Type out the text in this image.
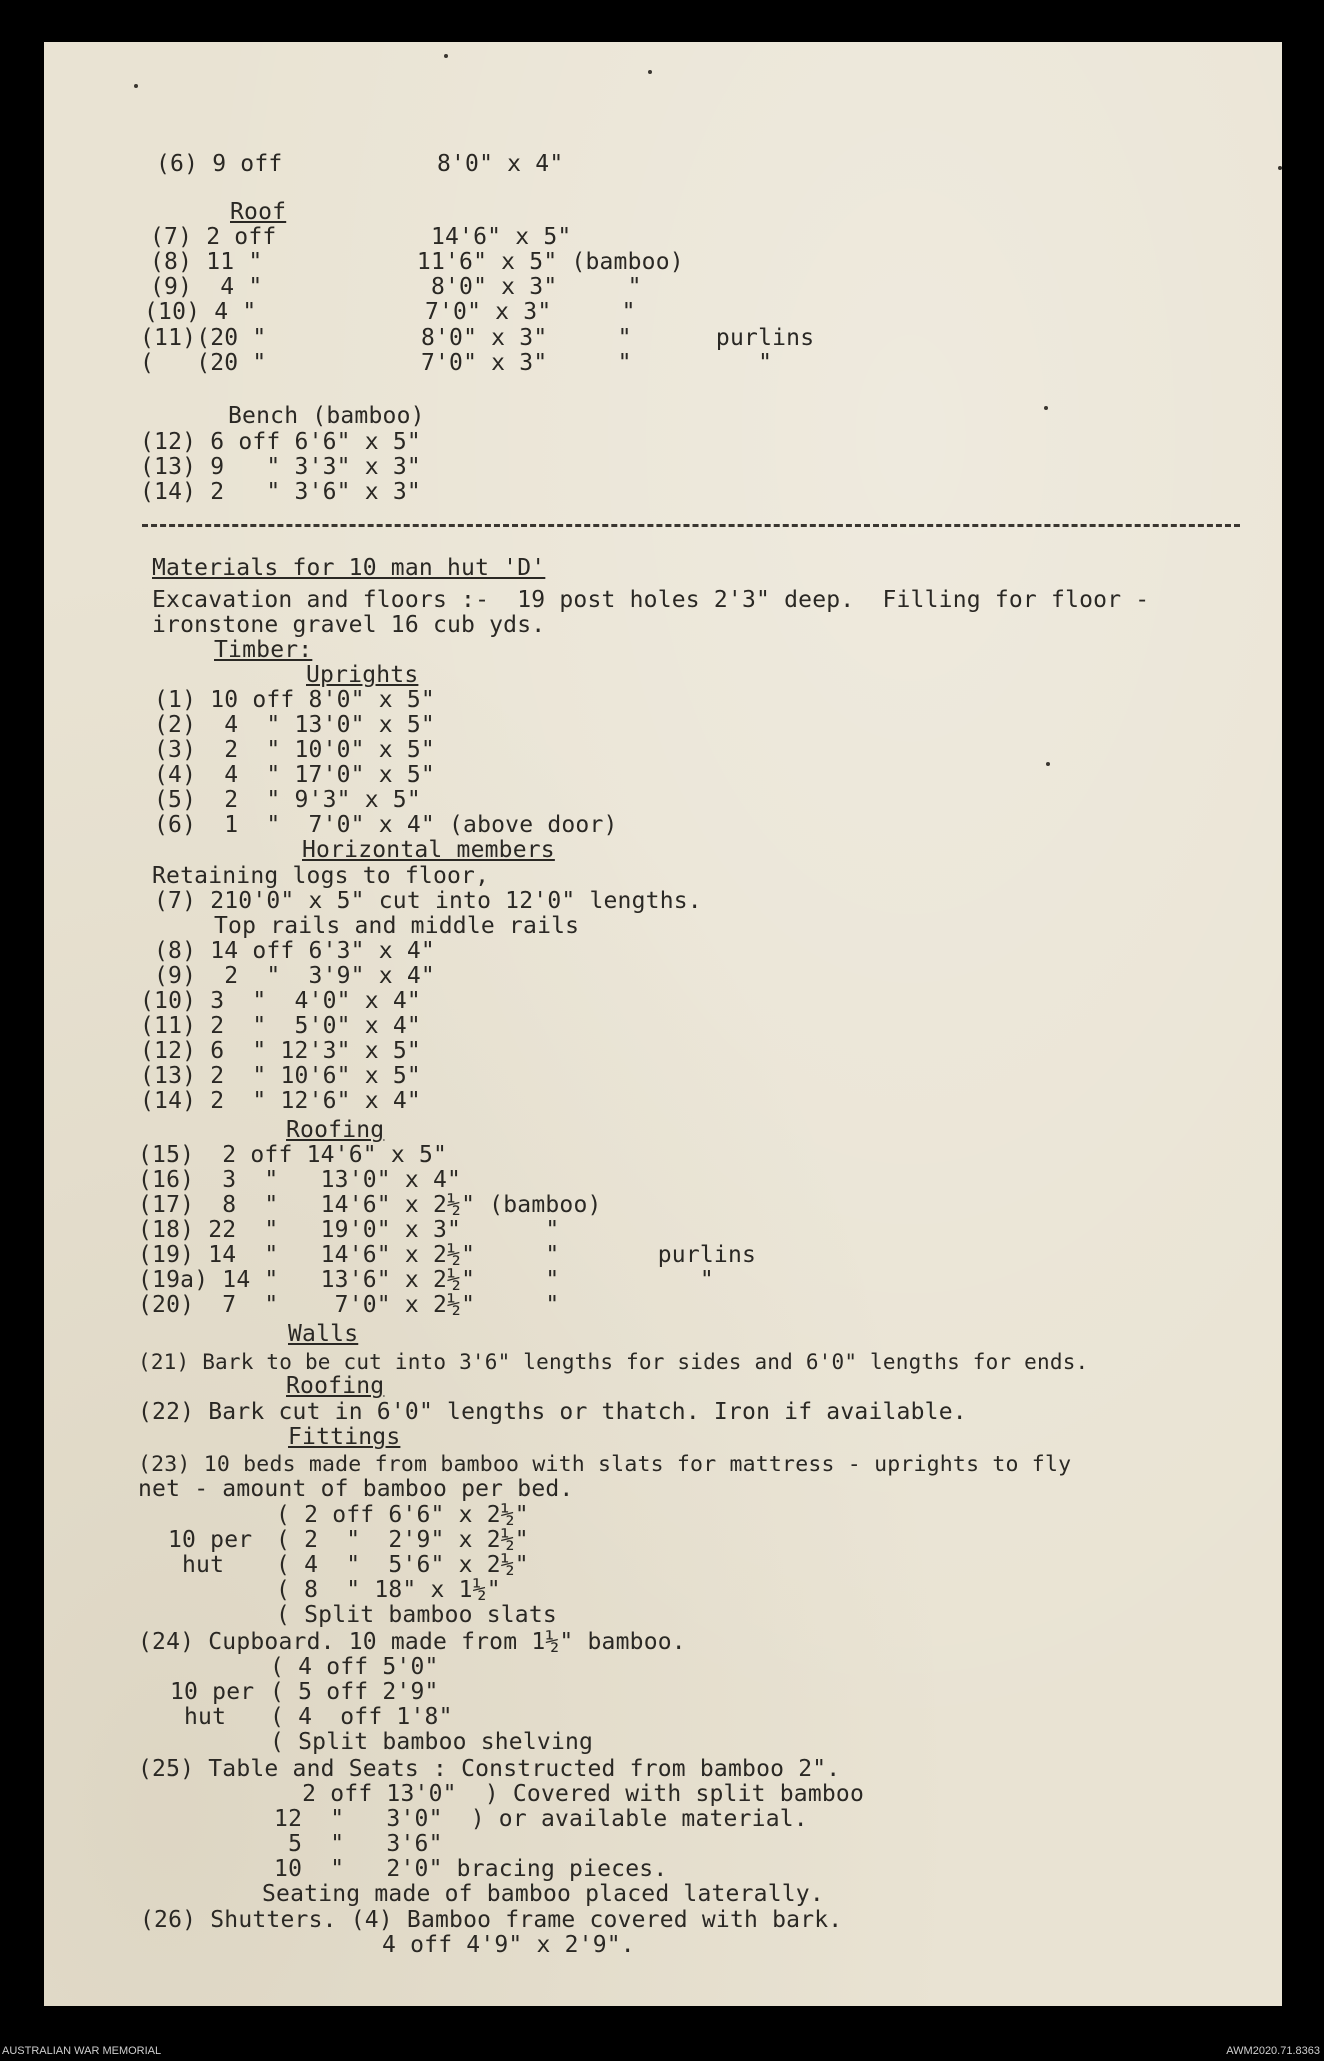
(6) 9 off           8'0" x 4"
Roof
(7) 2 off           14'6" x 5"
(8) 11 "           11'6" x 5" (bamboo)
(9)  4 "            8'0" x 3"     "
(10) 4 "            7'0" x 3"     "
(11)(20 "           8'0" x 3"     "      purlins
(   (20 "           7'0" x 3"     "         "
Bench (bamboo)
(12) 6 off 6'6" x 5"
(13) 9   " 3'3" x 3"
(14) 2   " 3'6" x 3"
Materials for 10 man hut 'D'
Excavation and floors :-  19 post holes 2'3" deep.  Filling for floor -
ironstone gravel 16 cub yds.
Timber:
Uprights
(1) 10 off 8'0" x 5"
(2)  4  " 13'0" x 5"
(3)  2  " 10'0" x 5"
(4)  4  " 17'0" x 5"
(5)  2  " 9'3" x 5"
(6)  1  "  7'0" x 4" (above door)
Horizontal members
Retaining logs to floor,
(7) 210'0" x 5" cut into 12'0" lengths.
Top rails and middle rails
(8) 14 off 6'3" x 4"
(9)  2  "  3'9" x 4"
(10) 3  "  4'0" x 4"
(11) 2  "  5'0" x 4"
(12) 6  " 12'3" x 5"
(13) 2  " 10'6" x 5"
(14) 2  " 12'6" x 4"
Roofing
(15)  2 off 14'6" x 5"
(16)  3  "   13'0" x 4"
(17)  8  "   14'6" x 2½" (bamboo)
(18) 22  "   19'0" x 3"      "
(19) 14  "   14'6" x 2½"     "       purlins
(19a) 14 "   13'6" x 2½"     "          "
(20)  7  "    7'0" x 2½"     "
Walls
(21) Bark to be cut into 3'6" lengths for sides and 6'0" lengths for ends.
Roofing
(22) Bark cut in 6'0" lengths or thatch. Iron if available.
Fittings
(23) 10 beds made from bamboo with slats for mattress - uprights to fly
net - amount of bamboo per bed.
10 per
hut
( 2 off 6'6" x 2½"
( 2  "  2'9" x 2½"
( 4  "  5'6" x 2½"
( 8  " 18" x 1½"
( Split bamboo slats
(24) Cupboard. 10 made from 1½" bamboo.
10 per
hut
( 4 off 5'0"
( 5 off 2'9"
( 4  off 1'8"
( Split bamboo shelving
(25) Table and Seats : Constructed from bamboo 2".
2 off 13'0"  ) Covered with split bamboo
12  "   3'0"  ) or available material.
5  "   3'6"
10  "   2'0" bracing pieces.
Seating made of bamboo placed laterally.
(26) Shutters. (4) Bamboo frame covered with bark.
4 off 4'9" x 2'9".
AUSTRALIAN WAR MEMORIAL	AWM2020.71.8363
